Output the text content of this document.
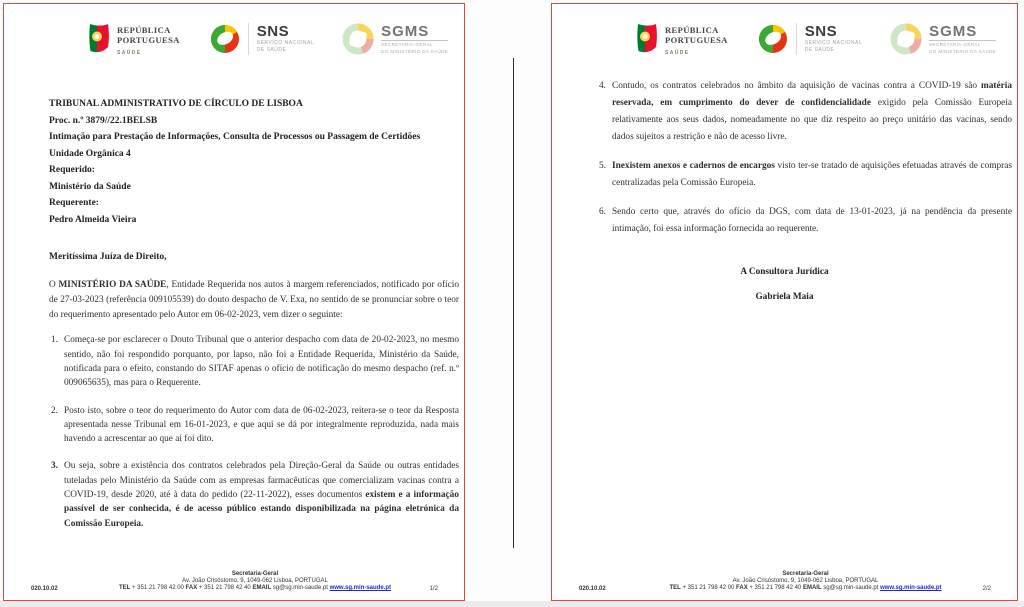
REPÚBLICA
PORTUGUESA
SAÚDE
SNS
SERVIÇO NACIONAL
DE SAÚDE
SGMS
SECRETARIA-GERAL
DO MINISTÉRIO DA SAÚDE
TRIBUNAL ADMINISTRATIVO DE CÍRCULO DE LISBOA
Proc. n.º 3879//22.1BELSB
Intimação para Prestação de Informações, Consulta de Processos ou Passagem de Certidões
Unidade Orgânica 4
Requerido:
Ministério da Saúde
Requerente:
Pedro Almeida Vieira
Meritíssima Juíza de Direito,

O MINISTÉRIO DA SAÚDE, Entidade Requerida nos autos à margem referenciados, notificado por ofício de 27-03-2023 (referência 009105539) do douto despacho de V. Exa, no sentido de se pronunciar sobre o teor do requerimento apresentado pelo Autor em 06-02-2023, vem dizer o seguinte:

1. Começa-se por esclarecer o Douto Tribunal que o anterior despacho com data de 20-02-2023, no mesmo sentido, não foi respondido porquanto, por lapso, não foi a Entidade Requerida, Ministério da Saúde, notificada para o efeito, constando do SITAF apenas o ofício de notificação do mesmo despacho (ref. n.º 009065635), mas para o Requerente.
2. Posto isto, sobre o teor do requerimento do Autor com data de 06-02-2023, reitera-se o teor da Resposta apresentada nesse Tribunal em 16-01-2023, e que aqui se dá por integralmente reproduzida, nada mais havendo a acrescentar ao que aí foi dito.
3. Ou seja, sobre a existência dos contratos celebrados pela Direção-Geral da Saúde ou outras entidades tuteladas pelo Ministério da Saúde com as empresas farmacêuticas que comercializam vacinas contra a COVID-19, desde 2020, até à data do pedido (22-11-2022), esses documentos existem e a informação passível de ser conhecida, é de acesso público estando disponibilizada na página eletrónica da Comissão Europeia.
020.10.02
Secretaria-Geral
Av. João Crisóstomo, 9, 1049-062 Lisboa, PORTUGAL
TEL + 351 21 798 42 00 FAX + 351 21 798 42 40 EMAIL sg@sg.min-saude.pt www.sg.min-saude.pt	1/2
REPÚBLICA
PORTUGUESA
SAÚDE
SNS
SERVIÇO NACIONAL
DE SAÚDE
SGMS
SECRETARIA-GERAL
DO MINISTÉRIO DA SAÚDE
4. Contudo, os contratos celebrados no âmbito da aquisição de vacinas contra a COVID-19 são matéria reservada, em cumprimento do dever de confidencialidade exigido pela Comissão Europeia relativamente aos seus dados, nomeadamente no que diz respeito ao preço unitário das vacinas, sendo dados sujeitos a restrição e não de acesso livre.
5. Inexistem anexos e cadernos de encargos visto ter-se tratado de aquisições efetuadas através de compras centralizadas pela Comissão Europeia.
6. Sendo certo que, através do ofício da DGS, com data de 13-01-2023, já na pendência da presente intimação, foi essa informação fornecida ao requerente.
A Consultora Jurídica
Gabriela Maia
020.10.02
Secretaria-Geral
Av. João Crisóstomo, 9, 1049-062 Lisboa, PORTUGAL
TEL + 351 21 798 42 00 FAX + 351 21 798 42 40 EMAIL sg@sg.min-saude.pt www.sg.min-saude.pt	2/2
